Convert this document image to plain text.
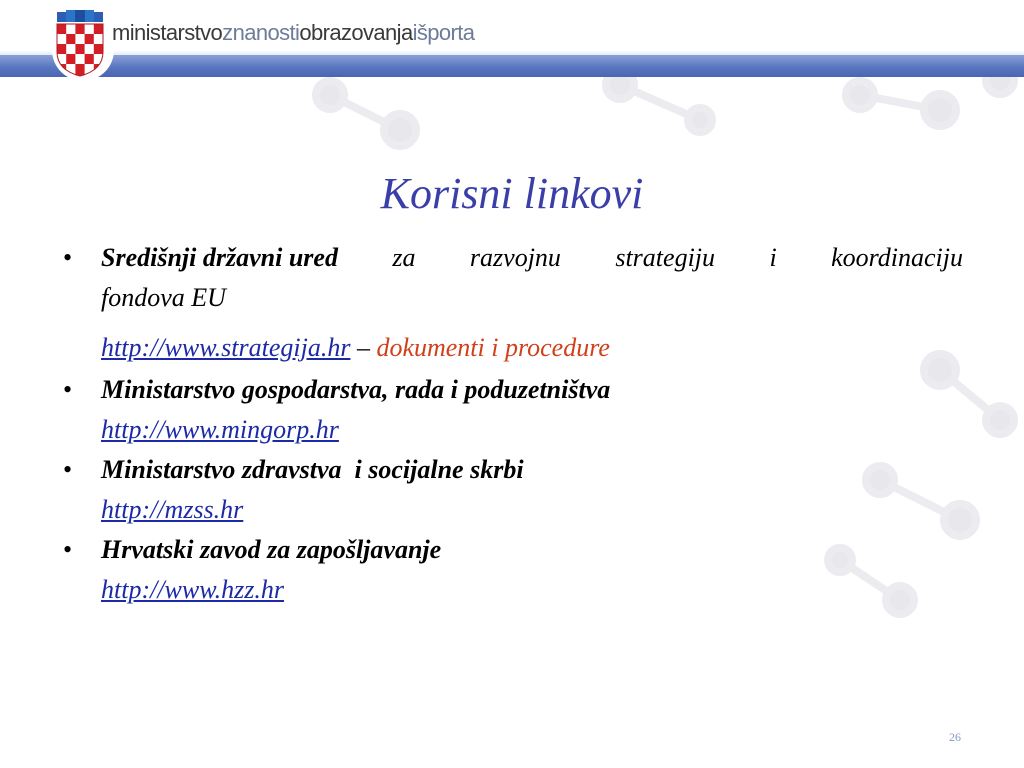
ministarstvoznanostiobrazovanjaišporta
Korisni linkovi
• Središnji državni ured za razvojnu strategiju i koordinaciju
fondova EU
http://www.strategija.hr – dokumenti i procedure
• Ministarstvo gospodarstva, rada i poduzetništva
http://www.mingorp.hr
• Ministarstvo zdravstva  i socijalne skrbi
http://mzss.hr
• Hrvatski zavod za zapošljavanje
http://www.hzz.hr
26
